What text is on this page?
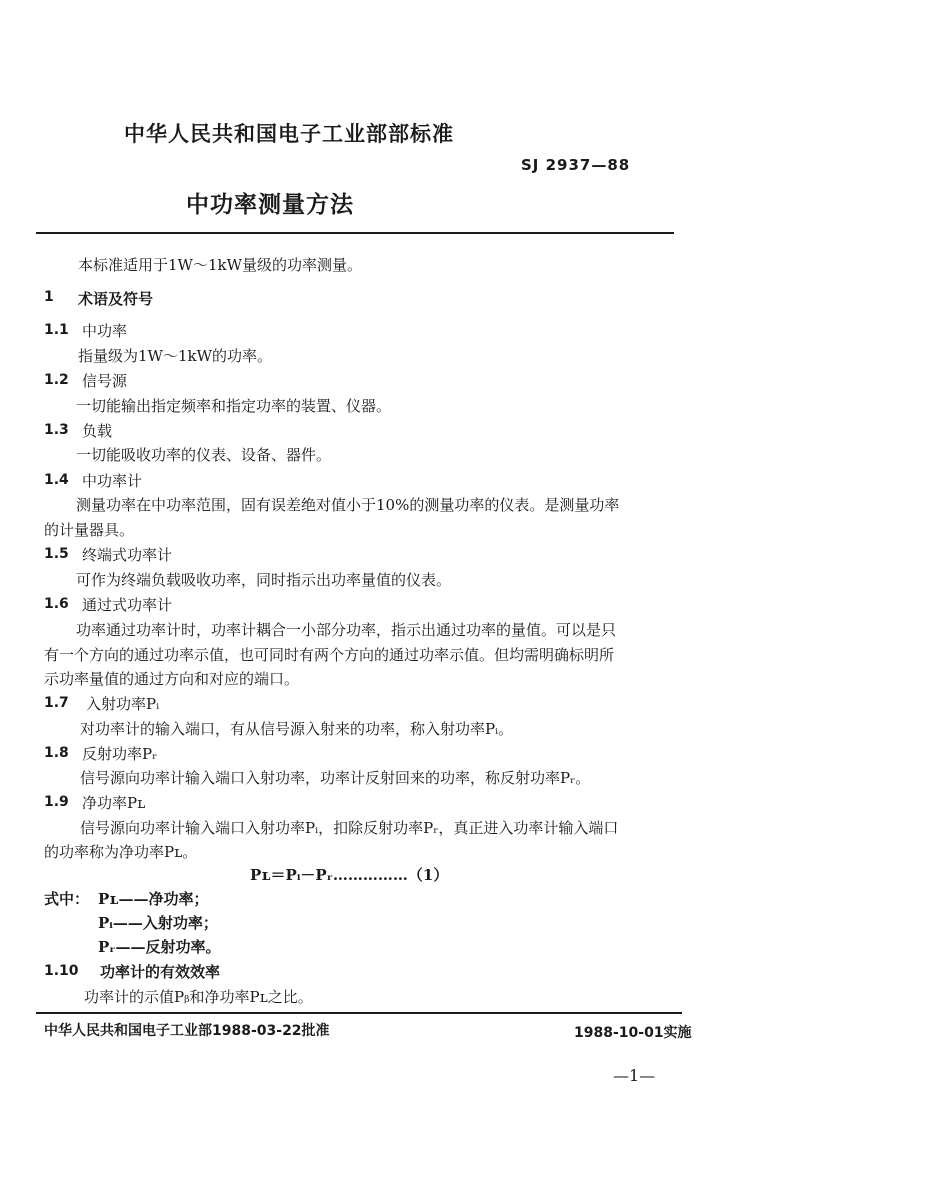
中华人民共和国电子工业部部标准
SJ 2937—88
中功率测量方法
本标准适用于1W～1kW量级的功率测量。
1 术语及符号
1.1 中功率
指量级为1W～1kW的功率。
1.2 信号源
一切能输出指定频率和指定功率的装置、仪器。
1.3 负载
一切能吸收功率的仪表、设备、器件。
1.4 中功率计
测量功率在中功率范围，固有误差绝对值小于10%的测量功率的仪表。是测量功率
的计量器具。
1.5 终端式功率计
可作为终端负载吸收功率，同时指示出功率量值的仪表。
1.6 通过式功率计
功率通过功率计时，功率计耦合一小部分功率，指示出通过功率的量值。可以是只
有一个方向的通过功率示值，也可同时有两个方向的通过功率示值。但均需明确标明所
示功率量值的通过方向和对应的端口。
1.7 入射功率Pᵢ
对功率计的输入端口，有从信号源入射来的功率，称入射功率Pᵢ。
1.8 反射功率Pᵣ
信号源向功率计输入端口入射功率，功率计反射回来的功率，称反射功率Pᵣ。
1.9 净功率Pʟ
信号源向功率计输入端口入射功率Pᵢ，扣除反射功率Pᵣ，真正进入功率计输入端口
的功率称为净功率Pʟ。
Pʟ＝Pᵢ－Pᵣ……………（1）
式中： Pʟ——净功率；
Pᵢ——入射功率；
Pᵣ——反射功率。
1.10 功率计的有效效率
功率计的示值Pᵦ和净功率Pʟ之比。
中华人民共和国电子工业部1988-03-22批准	1988-10-01实施
—1—
